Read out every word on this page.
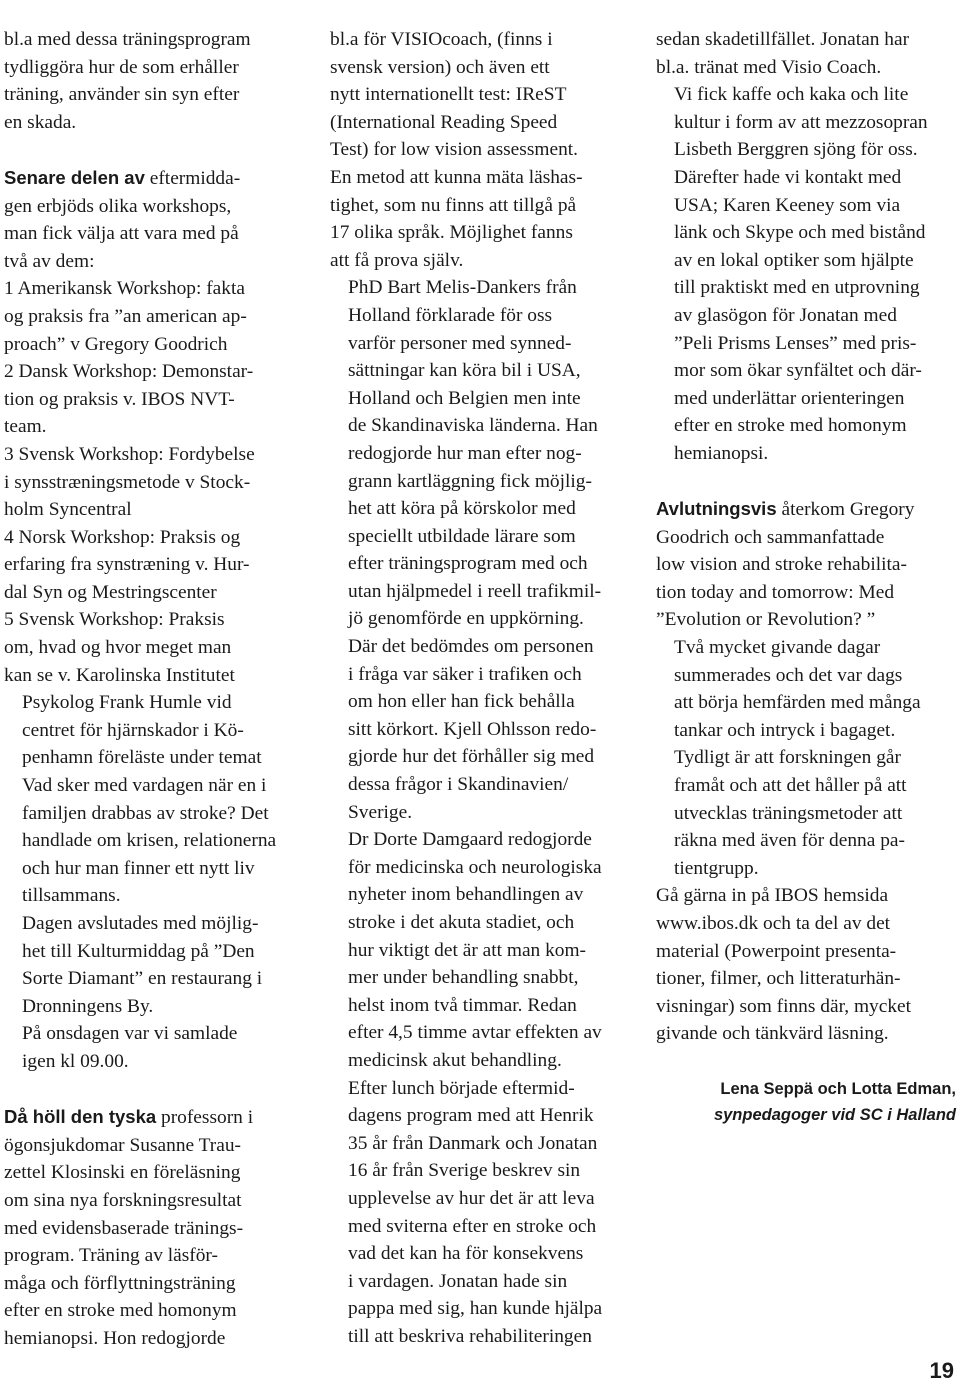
bl.a med dessa träningsprogram
tydliggöra hur de som erhåller
träning, använder sin syn efter
en skada.

Senare delen av eftermidda-

gen erbjöds olika workshops,
man fick välja att vara med på
två av dem:
1 Amerikansk Workshop: fakta
og praksis fra ”an american ap-
proach” v Gregory Goodrich
2 Dansk Workshop: Demonstar-
tion og praksis v. IBOS NVT-
team.
3 Svensk Workshop: Fordybelse
i synsstræningsmetode v Stock-
holm Syncentral
4 Norsk Workshop: Praksis og
erfaring fra synstræning v. Hur-
dal Syn og Mestringscenter
5 Svensk Workshop: Praksis
om, hvad og hvor meget man
kan se v. Karolinska Institutet

Psykolog Frank Humle vid
centret för hjärnskador i Kö-
penhamn föreläste under temat
Vad sker med vardagen när en i
familjen drabbas av stroke? Det
handlade om krisen, relationerna
och hur man finner ett nytt liv
tillsammans.

Dagen avslutades med möjlig-
het till Kulturmiddag på ”Den
Sorte Diamant” en restaurang i
Dronningens By.

På onsdagen var vi samlade
igen kl 09.00.

Då höll den tyska professorn i

ögonsjukdomar Susanne Trau-
zettel Klosinski en föreläsning
om sina nya forskningsresultat
med evidensbaserade tränings-
program. Träning av läsför-
måga och förflyttningsträning
efter en stroke med homonym
hemianopsi. Hon redogjorde

bl.a för VISIOcoach, (finns i
svensk version) och även ett
nytt internationellt test: IReST
(International Reading Speed
Test) for low vision assessment.
En metod att kunna mäta läshas-
tighet, som nu finns att tillgå på
17 olika språk. Möjlighet fanns
att få prova själv.

PhD Bart Melis-Dankers från
Holland förklarade för oss
varför personer med synned-
sättningar kan köra bil i USA,
Holland och Belgien men inte
de Skandinaviska länderna. Han
redogjorde hur man efter nog-
grann kartläggning fick möjlig-
het att köra på körskolor med
speciellt utbildade lärare som
efter träningsprogram med och
utan hjälpmedel i reell trafikmil-
jö genomförde en uppkörning.
Där det bedömdes om personen
i fråga var säker i trafiken och
om hon eller han fick behålla
sitt körkort. Kjell Ohlsson redo-
gjorde hur det förhåller sig med
dessa frågor i Skandinavien/
Sverige.

Dr Dorte Damgaard redogjorde
för medicinska och neurologiska
nyheter inom behandlingen av
stroke i det akuta stadiet, och
hur viktigt det är att man kom-
mer under behandling snabbt,
helst inom två timmar. Redan
efter 4,5 timme avtar effekten av
medicinsk akut behandling.

Efter lunch började eftermid-
dagens program med att Henrik
35 år från Danmark och Jonatan
16 år från Sverige beskrev sin
upplevelse av hur det är att leva
med sviterna efter en stroke och
vad det kan ha för konsekvens
i vardagen. Jonatan hade sin
pappa med sig, han kunde hjälpa
till att beskriva rehabiliteringen

sedan skadetillfället. Jonatan har
bl.a. tränat med Visio Coach.

Vi fick kaffe och kaka och lite
kultur i form av att mezzosopran
Lisbeth Berggren sjöng för oss.
Därefter hade vi kontakt med
USA; Karen Keeney som via
länk och Skype och med bistånd
av en lokal optiker som hjälpte
till praktiskt med en utprovning
av glasögon för Jonatan med
”Peli Prisms Lenses” med pris-
mor som ökar synfältet och där-
med underlättar orienteringen
efter en stroke med homonym
hemianopsi.

Avlutningsvis återkom Gregory

Goodrich och sammanfattade
low vision and stroke rehabilita-
tion today and tomorrow: Med
”Evolution or Revolution? ”

Två mycket givande dagar
summerades och det var dags
att börja hemfärden med många
tankar och intryck i bagaget.
Tydligt är att forskningen går
framåt och att det håller på att
utvecklas träningsmetoder att
räkna med även för denna pa-
tientgrupp.

Gå gärna in på IBOS hemsida
www.ibos.dk och ta del av det
material (Powerpoint presenta-
tioner, filmer, och litteraturhän-
visningar) som finns där, mycket
givande och tänkvärd läsning.

Lena Seppä och Lotta Edman,
synpedagoger vid SC i Halland
19
